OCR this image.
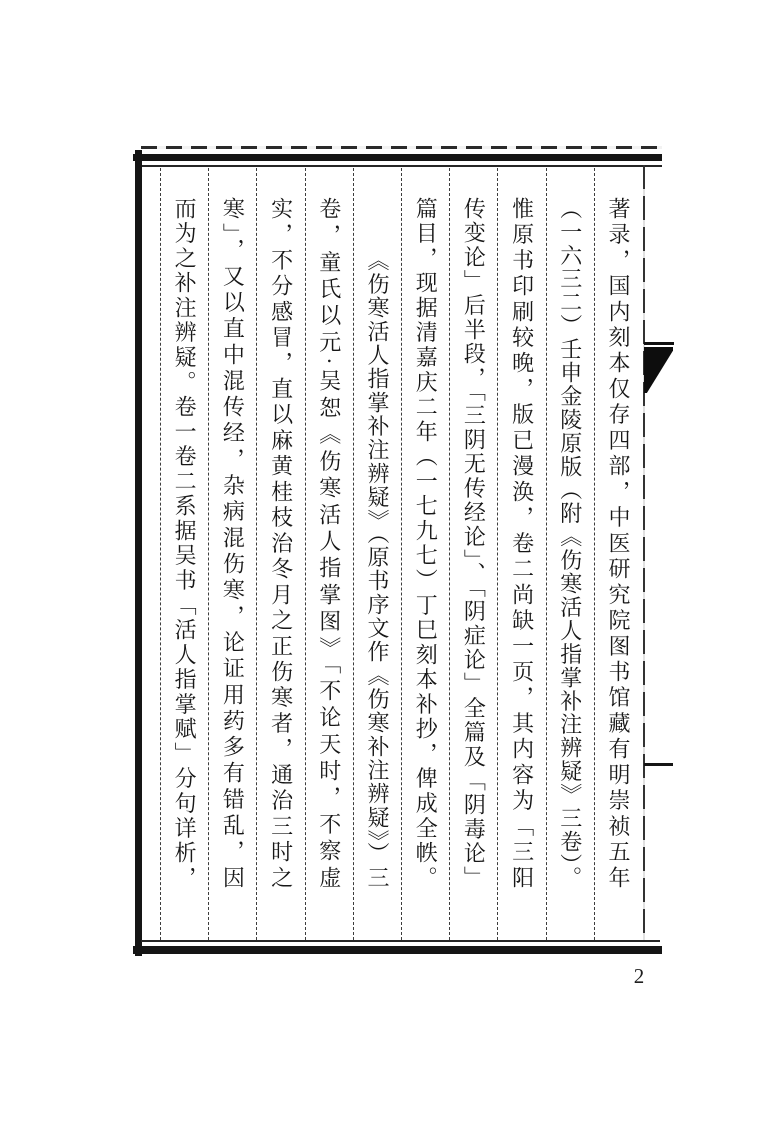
著录，国内刻本仅存四部，中医研究院图书馆藏有明崇祯五年
（一六三二）壬申金陵原版（附《伤寒活人指掌补注辨疑》三卷）。
惟原书印刷较晚，版已漫涣，卷二尚缺一页，其内容为「三阳
传变论」后半段，「三阴无传经论」、「阴症论」全篇及「阴毒论」
篇目，现据清嘉庆二年（一七九七）丁巳刻本补抄，俾成全帙。
《伤寒活人指掌补注辨疑》（原书序文作《伤寒补注辨疑》）三
卷，童氏以元·吴恕《伤寒活人指掌图》「不论天时，不察虚
实，不分感冒，直以麻黄桂枝治冬月之正伤寒者，通治三时之
寒」，又以直中混传经，杂病混伤寒，论证用药多有错乱，因
而为之补注辨疑。卷一卷二系据吴书「活人指掌赋」分句详析，
2
